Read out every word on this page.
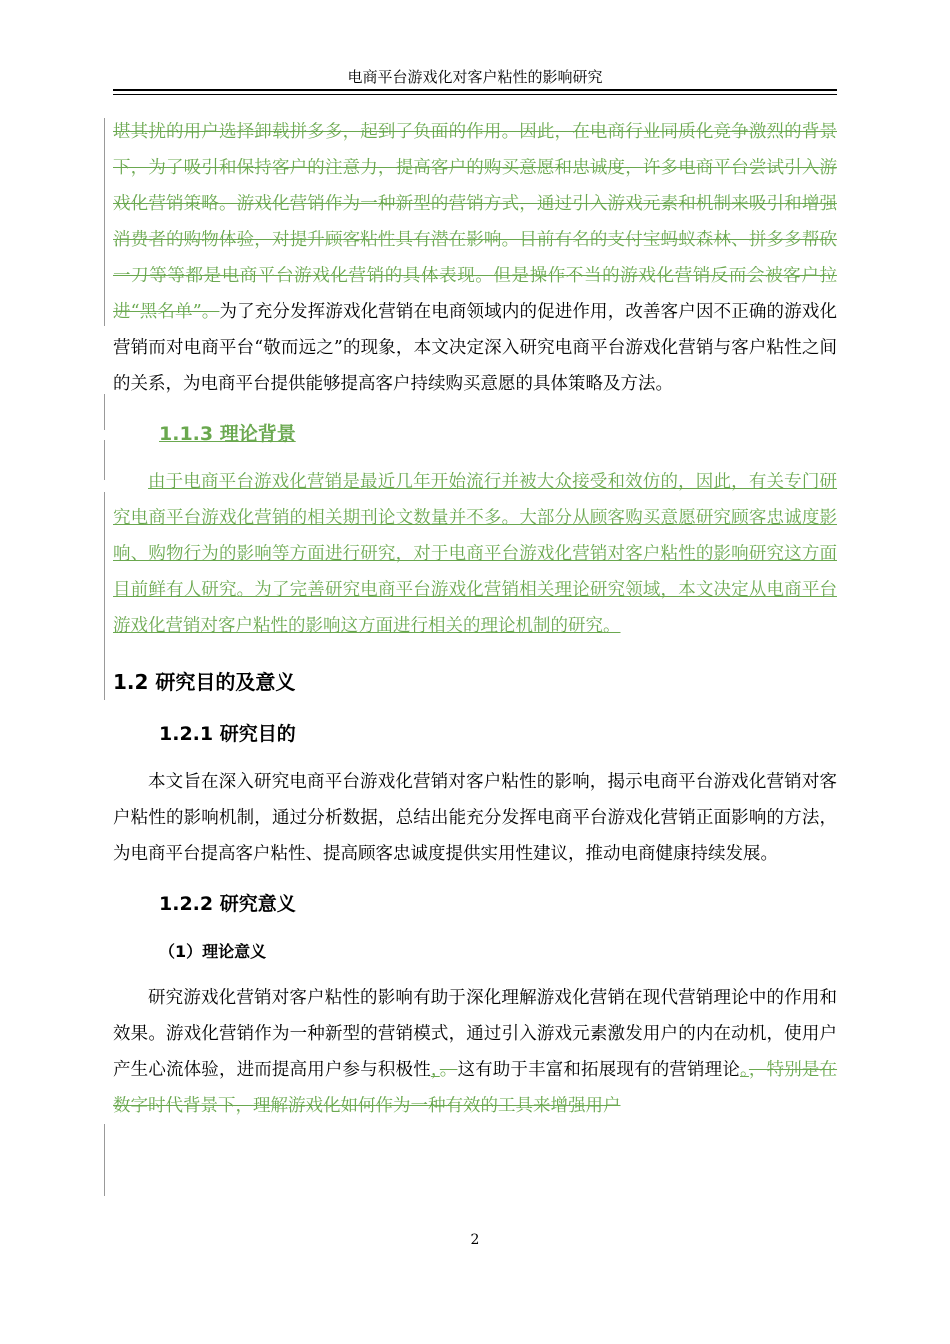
电商平台游戏化对客户粘性的影响研究

堪其扰的用户选择卸载拼多多，起到了负面的作用。因此，在电商行业同质化竞争激烈的背景下，为了吸引和保持客户的注意力，提高客户的购买意愿和忠诚度，许多电商平台尝试引入游戏化营销策略。游戏化营销作为一种新型的营销方式，通过引入游戏元素和机制来吸引和增强消费者的购物体验，对提升顾客粘性具有潜在影响。目前有名的支付宝蚂蚁森林、拼多多帮砍一刀等等都是电商平台游戏化营销的具体表现。但是操作不当的游戏化营销反而会被客户拉进“黑名单”。为了充分发挥游戏化营销在电商领域内的促进作用，改善客户因不正确的游戏化营销而对电商平台“敬而远之”的现象，本文决定深入研究电商平台游戏化营销与客户粘性之间的关系，为电商平台提供能够提高客户持续购买意愿的具体策略及方法。

1.1.3 理论背景

由于电商平台游戏化营销是最近几年开始流行并被大众接受和效仿的，因此，有关专门研究电商平台游戏化营销的相关期刊论文数量并不多。大部分从顾客购买意愿研究顾客忠诚度影响、购物行为的影响等方面进行研究，对于电商平台游戏化营销对客户粘性的影响研究这方面目前鲜有人研究。为了完善研究电商平台游戏化营销相关理论研究领域，本文决定从电商平台游戏化营销对客户粘性的影响这方面进行相关的理论机制的研究。

1.2 研究目的及意义
1.2.1 研究目的

本文旨在深入研究电商平台游戏化营销对客户粘性的影响，揭示电商平台游戏化营销对客户粘性的影响机制，通过分析数据，总结出能充分发挥电商平台游戏化营销正面影响的方法，为电商平台提高客户粘性、提高顾客忠诚度提供实用性建议，推动电商健康持续发展。

1.2.2 研究意义
（1）理论意义

研究游戏化营销对客户粘性的影响有助于深化理解游戏化营销在现代营销理论中的作用和效果。游戏化营销作为一种新型的营销模式，通过引入游戏元素激发用户的内在动机，使用户产生心流体验，进而提高用户参与积极性，。这有助于丰富和拓展现有的营销理论。，特别是在数字时代背景下，理解游戏化如何作为一种有效的工具来增强用户

2
